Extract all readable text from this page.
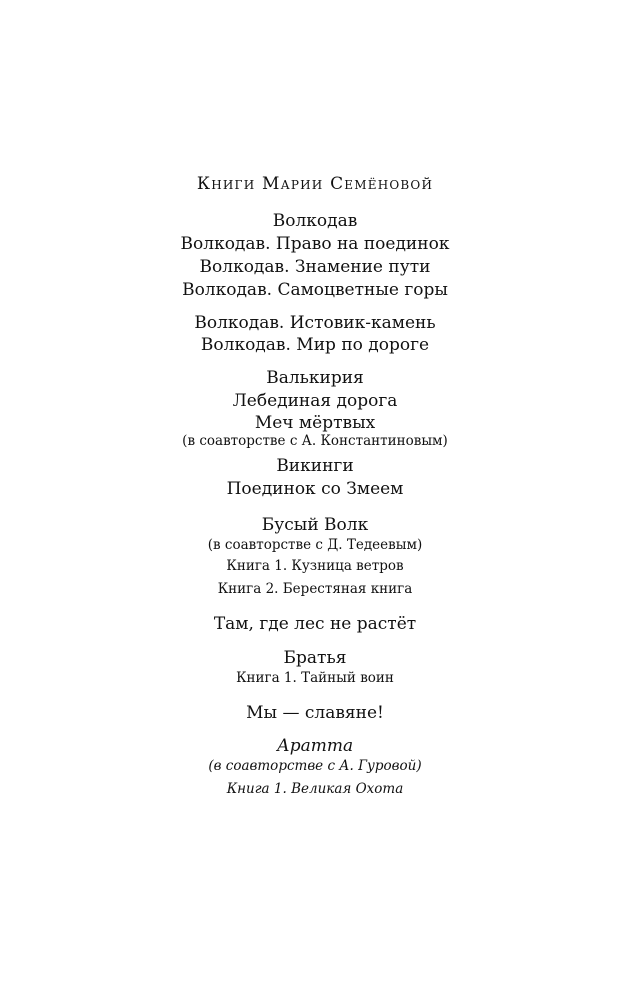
Книги Марии Семёновой
Волкодав
Волкодав. Право на поединок
Волкодав. Знамение пути
Волкодав. Самоцветные горы
Волкодав. Истовик-камень
Волкодав. Мир по дороге
Валькирия
Лебединая дорога
Меч мёртвых
(в соавторстве с А. Константиновым)
Викинги
Поединок со Змеем
Бусый Волк
(в соавторстве с Д. Тедеевым)
Книга 1. Кузница ветров
Книга 2. Берестяная книга
Там, где лес не растёт
Братья
Книга 1. Тайный воин
Мы — славяне!
Аратта
(в соавторстве с А. Гуровой)
Книга 1. Великая Охота
